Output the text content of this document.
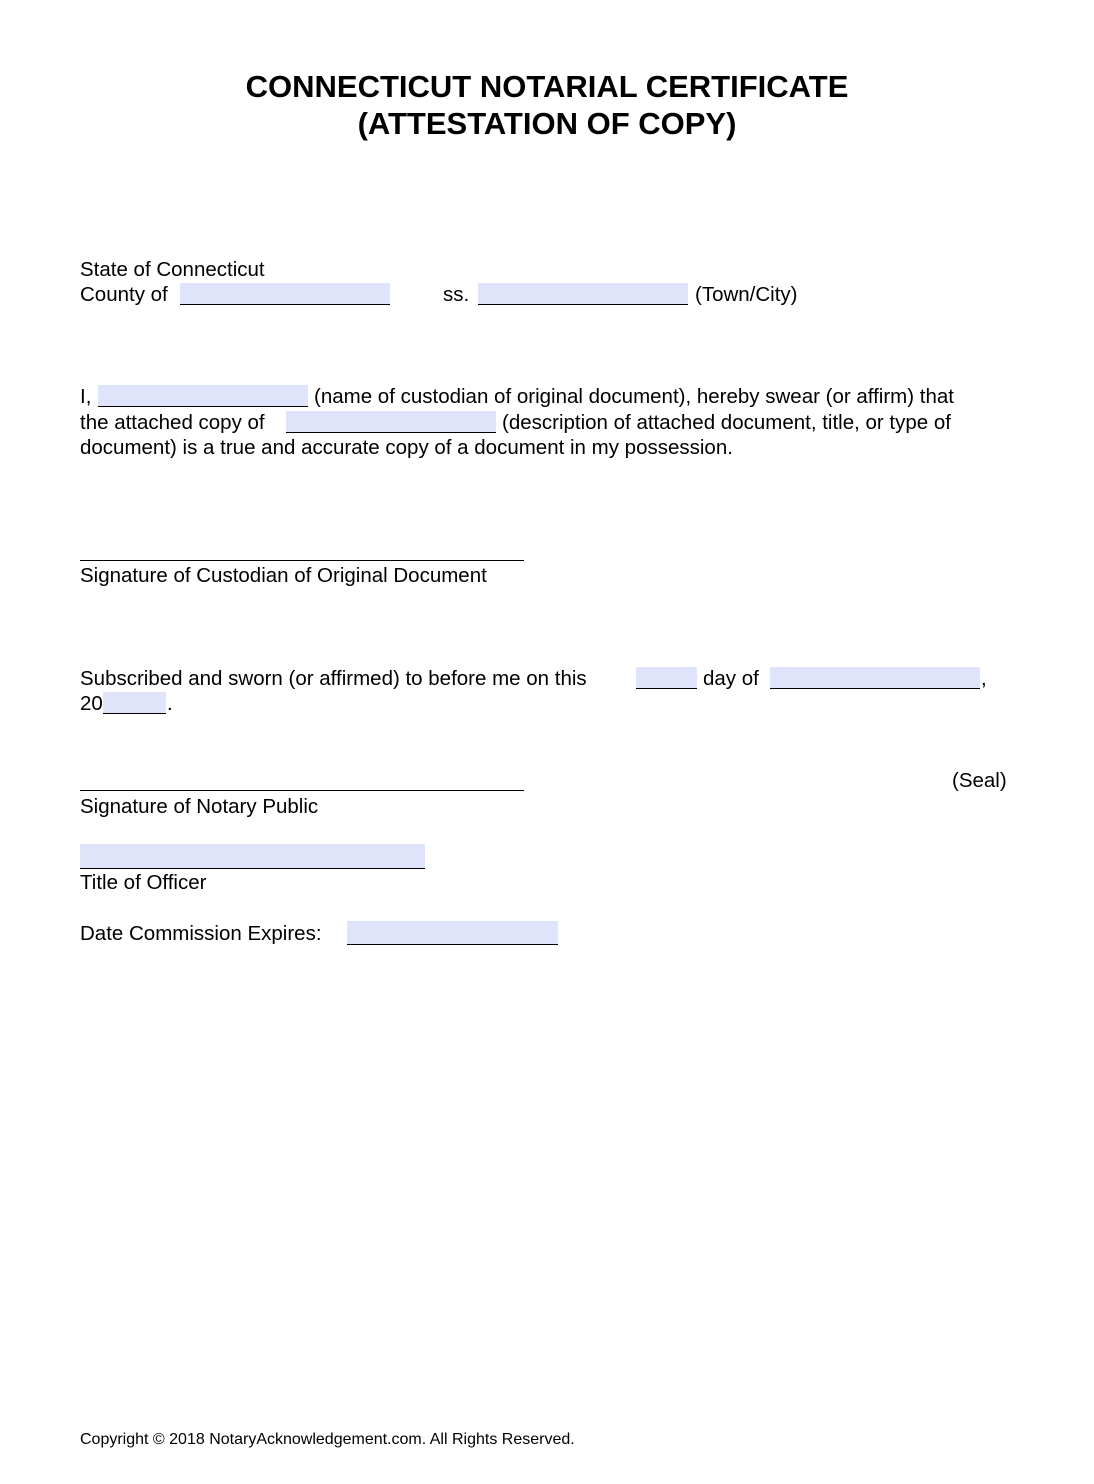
CONNECTICUT NOTARIAL CERTIFICATE
(ATTESTATION OF COPY)
State of Connecticut
County of	ss.	(Town/City)
I,	(name of custodian of original document), hereby swear (or affirm) that
the attached copy of	(description of attached document, title, or type of
document) is a true and accurate copy of a document in my possession.
Signature of Custodian of Original Document
Subscribed and sworn (or affirmed) to before me on this	day of	,
20	.
(Seal)
Signature of Notary Public
Title of Officer
Date Commission Expires:
Copyright © 2018 NotaryAcknowledgement.com. All Rights Reserved.
